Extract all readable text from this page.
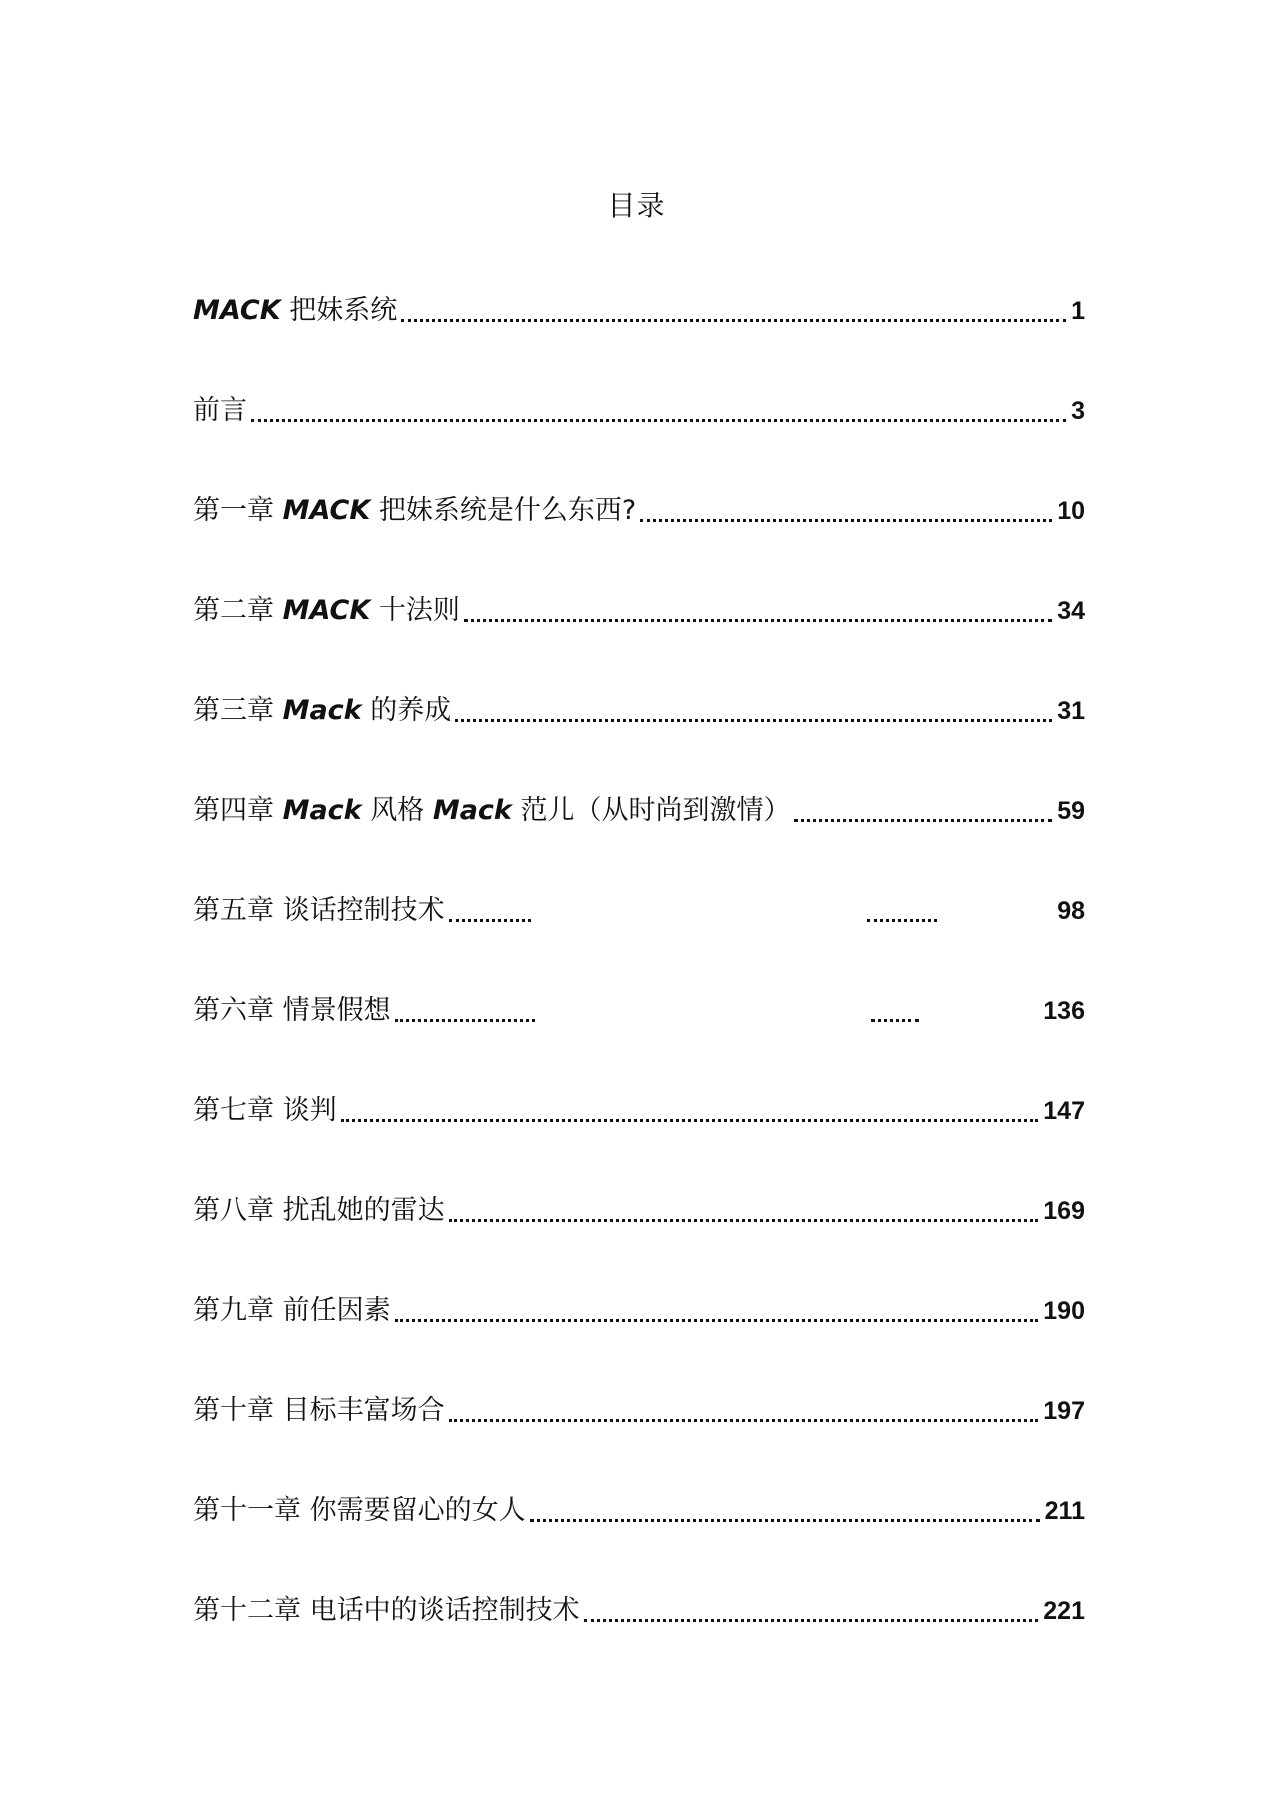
目录
MACK 把妹系统	1
前言	3
第一章 MACK 把妹系统是什么东西?	10
第二章 MACK 十法则	34
第三章 Mack 的养成	31
第四章 Mack 风格 Mack 范儿（从时尚到激情）	59
第五章 谈话控制技术	98
第六章 情景假想	136
第七章 谈判	147
第八章 扰乱她的雷达	169
第九章 前任因素	190
第十章 目标丰富场合	197
第十一章 你需要留心的女人	211
第十二章 电话中的谈话控制技术	221
